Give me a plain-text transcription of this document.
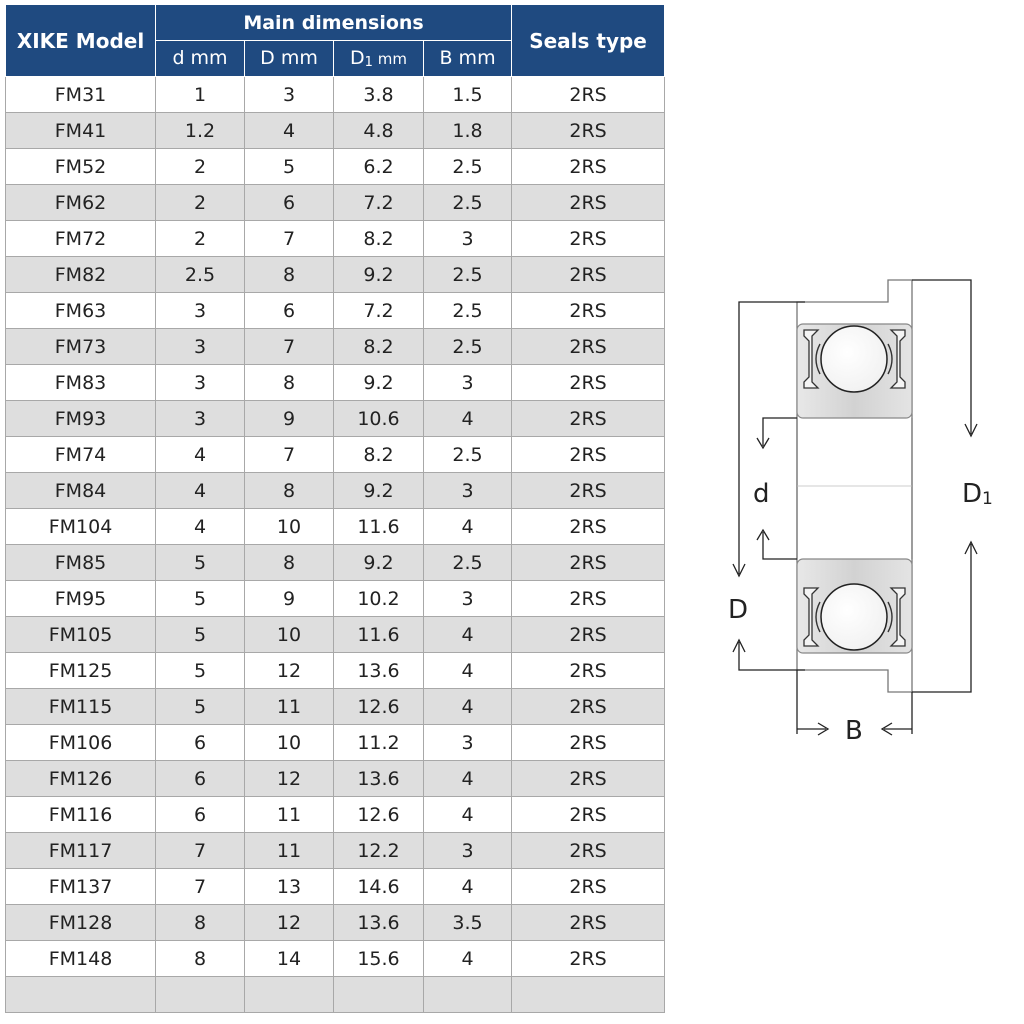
XIKE Model	Main dimensions				Seals type
	d mm	D mm	$D_1$ mm	B mm	
FM31	1	3	3.8	1.5	2RS
FM41	1.2	4	4.8	1.8	2RS
FM52	2	5	6.2	2.5	2RS
FM62	2	6	7.2	2.5	2RS
FM72	2	7	8.2	3	2RS
FM82	2.5	8	9.2	2.5	2RS
FM63	3	6	7.2	2.5	2RS
FM73	3	7	8.2	2.5	2RS
FM83	3	8	9.2	3	2RS
FM93	3	9	10.6	4	2RS
FM74	4	7	8.2	2.5	2RS
FM84	4	8	9.2	3	2RS
FM104	4	10	11.6	4	2RS
FM85	5	8	9.2	2.5	2RS
FM95	5	9	10.2	3	2RS
FM105	5	10	11.6	4	2RS
FM125	5	12	13.6	4	2RS
FM115	5	11	12.6	4	2RS
FM106	6	10	11.2	3	2RS
FM126	6	12	13.6	4	2RS
FM116	6	11	12.6	4	2RS
FM117	7	11	12.2	3	2RS
FM137	7	13	14.6	4	2RS
FM128	8	12	13.6	3.5	2RS
FM148	8	14	15.6	4	2RS

d
D
D1
B
